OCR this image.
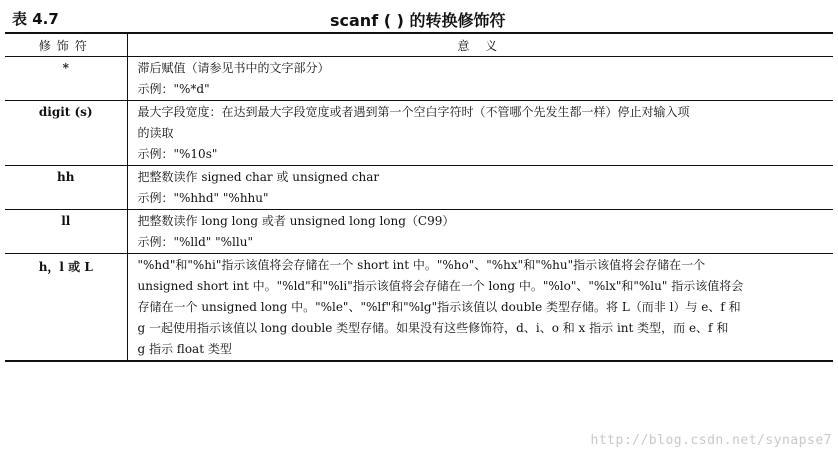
表 4.7	scanf ( ) 的转换修饰符
修饰符	意 义
*	滞后赋值（请参见书中的文字部分）
示例："%*d"

digit (s)	最大字段宽度：在达到最大字段宽度或者遇到第一个空白字符时（不管哪个先发生都一样）停止对输入项
的读取
示例："%10s"

hh	把整数读作 signed char 或 unsigned char
示例："%hhd" "%hhu"

ll	把整数读作 long long 或者 unsigned long long（C99）
示例："%lld" "%llu"

h，l 或 L	"%hd"和"%hi"指示该值将会存储在一个 short int 中。"%ho"、"%hx"和"%hu"指示该值将会存储在一个
unsigned short int 中。"%ld"和"%li"指示该值将会存储在一个 long 中。"%lo"、"%lx"和"%lu" 指示该值将会
存储在一个 unsigned long 中。"%le"、"%lf"和"%lg"指示该值以 double 类型存储。将 L（而非 l）与 e、f 和
g 一起使用指示该值以 long double 类型存储。如果没有这些修饰符，d、i、o 和 x 指示 int 类型，而 e、f 和
g 指示 float 类型
http://blog.csdn.net/synapse7
